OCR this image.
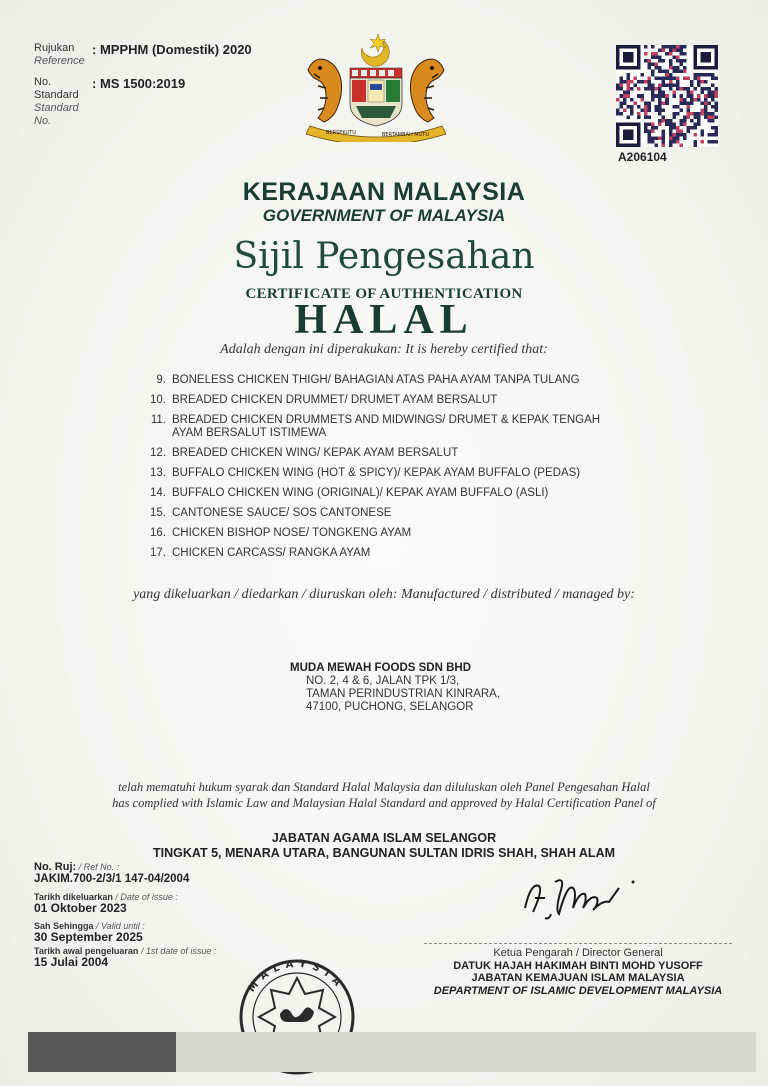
Rujukan
Reference
: MPPHM (Domestik) 2020
No.
Standard
Standard
No.
: MS 1500:2019
BERSEKUTU	BERTAMBAH MUTU
A206104
KERAJAAN MALAYSIA
GOVERNMENT OF MALAYSIA
Sijil Pengesahan
CERTIFICATE OF AUTHENTICATION
HALAL
Adalah dengan ini diperakukan: It is hereby certified that:
9. BONELESS CHICKEN THIGH/ BAHAGIAN ATAS PAHA AYAM TANPA TULANG
10. BREADED CHICKEN DRUMMET/ DRUMET AYAM BERSALUT
11. BREADED CHICKEN DRUMMETS AND MIDWINGS/ DRUMET & KEPAK TENGAH AYAM BERSALUT ISTIMEWA
12. BREADED CHICKEN WING/ KEPAK AYAM BERSALUT
13. BUFFALO CHICKEN WING (HOT & SPICY)/ KEPAK AYAM BUFFALO (PEDAS)
14. BUFFALO CHICKEN WING (ORIGINAL)/ KEPAK AYAM BUFFALO (ASLI)
15. CANTONESE SAUCE/ SOS CANTONESE
16. CHICKEN BISHOP NOSE/ TONGKENG AYAM
17. CHICKEN CARCASS/ RANGKA AYAM
yang dikeluarkan / diedarkan / diuruskan oleh: Manufactured / distributed / managed by:
MUDA MEWAH FOODS SDN BHD
NO. 2, 4 & 6, JALAN TPK 1/3,
TAMAN PERINDUSTRIAN KINRARA,
47100, PUCHONG, SELANGOR
telah mematuhi hukum syarak dan Standard Halal Malaysia dan diluluskan oleh Panel Pengesahan Halal
has complied with Islamic Law and Malaysian Halal Standard and approved by Halal Certification Panel of
JABATAN AGAMA ISLAM SELANGOR
TINGKAT 5, MENARA UTARA, BANGUNAN SULTAN IDRIS SHAH, SHAH ALAM
No. Ruj: / Ref No. :
JAKIM.700-2/3/1 147-04/2004
Tarikh dikeluarkan / Date of issue :
01 Oktober 2023
Sah Sehingga / Valid until :
30 September 2025
Tarikh awal pengeluaran / 1st date of issue :
15 Julai 2004
Ketua Pengarah / Director General
DATUK HAJAH HAKIMAH BINTI MOHD YUSOFF
JABATAN KEMAJUAN ISLAM MALAYSIA
DEPARTMENT OF ISLAMIC DEVELOPMENT MALAYSIA
MALAYSIA
